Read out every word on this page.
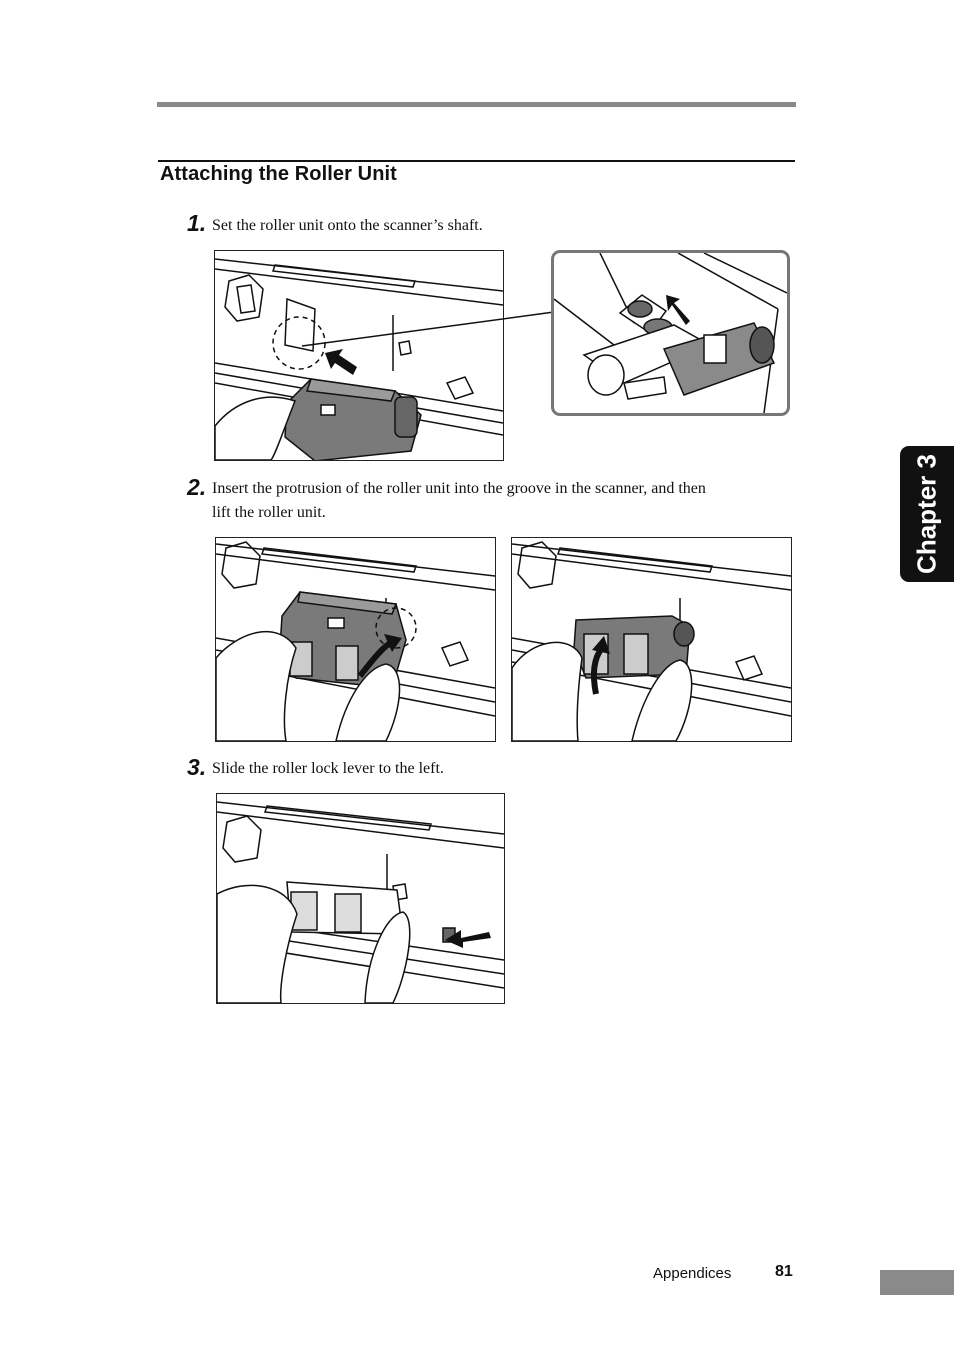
Attaching the Roller Unit
1. Set the roller unit onto the scanner’s shaft.
2. Insert the protrusion of the roller unit into the groove in the scanner, and then
lift the roller unit.
3. Slide the roller lock lever to the left.
Chapter 3
Appendices	81
